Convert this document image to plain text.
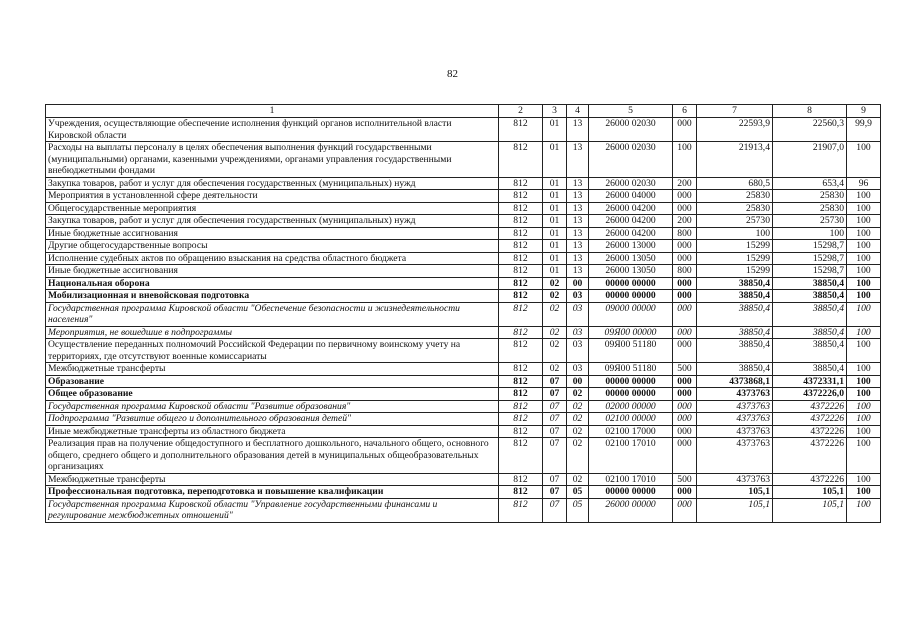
82
1	2	3	4	5	6	7	8	9
Учреждения, осуществляющие обеспечение исполнения функций органов исполнительной власти Кировской области	812	01	13	26000 02030	000	22593,9	22560,3	99,9
Расходы на выплаты персоналу в целях обеспечения выполнения функций государственными (муниципальными) органами, казенными учреждениями, органами управления государственными внебюджетными фондами	812	01	13	26000 02030	100	21913,4	21907,0	100
Закупка товаров, работ и услуг для обеспечения государственных (муниципальных) нужд	812	01	13	26000 02030	200	680,5	653,4	96
Мероприятия в установленной сфере деятельности	812	01	13	26000 04000	000	25830	25830	100
Общегосударственные мероприятия	812	01	13	26000 04200	000	25830	25830	100
Закупка товаров, работ и услуг для обеспечения государственных (муниципальных) нужд	812	01	13	26000 04200	200	25730	25730	100
Иные бюджетные ассигнования	812	01	13	26000 04200	800	100	100	100
Другие общегосударственные вопросы	812	01	13	26000 13000	000	15299	15298,7	100
Исполнение судебных актов по обращению взыскания на средства областного бюджета	812	01	13	26000 13050	000	15299	15298,7	100
Иные бюджетные ассигнования	812	01	13	26000 13050	800	15299	15298,7	100
Национальная оборона	812	02	00	00000 00000	000	38850,4	38850,4	100
Мобилизационная и вневойсковая подготовка	812	02	03	00000 00000	000	38850,4	38850,4	100
Государственная программа Кировской области "Обеспечение безопасности и жизнедеятельности населения"	812	02	03	09000 00000	000	38850,4	38850,4	100
Мероприятия, не вошедшие в подпрограммы	812	02	03	09Я00 00000	000	38850,4	38850,4	100
Осуществление переданных полномочий Российской Федерации по первичному воинскому учету на территориях, где отсутствуют военные комиссариаты	812	02	03	09Я00 51180	000	38850,4	38850,4	100
Межбюджетные трансферты	812	02	03	09Я00 51180	500	38850,4	38850,4	100
Образование	812	07	00	00000 00000	000	4373868,1	4372331,1	100
Общее образование	812	07	02	00000 00000	000	4373763	4372226,0	100
Государственная программа Кировской области "Развитие образования"	812	07	02	02000 00000	000	4373763	4372226	100
Подпрограмма "Развитие общего и дополнительного образования детей"	812	07	02	02100 00000	000	4373763	4372226	100
Иные межбюджетные трансферты из областного бюджета	812	07	02	02100 17000	000	4373763	4372226	100
Реализация прав на получение общедоступного и бесплатного дошкольного, начального общего, основного общего, среднего общего и дополнительного образования детей в муниципальных общеобразовательных организациях	812	07	02	02100 17010	000	4373763	4372226	100
Межбюджетные трансферты	812	07	02	02100 17010	500	4373763	4372226	100
Профессиональная подготовка, переподготовка и повышение квалификации	812	07	05	00000 00000	000	105,1	105,1	100
Государственная программа Кировской области "Управление государственными финансами и регулирование межбюджетных отношений"	812	07	05	26000 00000	000	105,1	105,1	100
